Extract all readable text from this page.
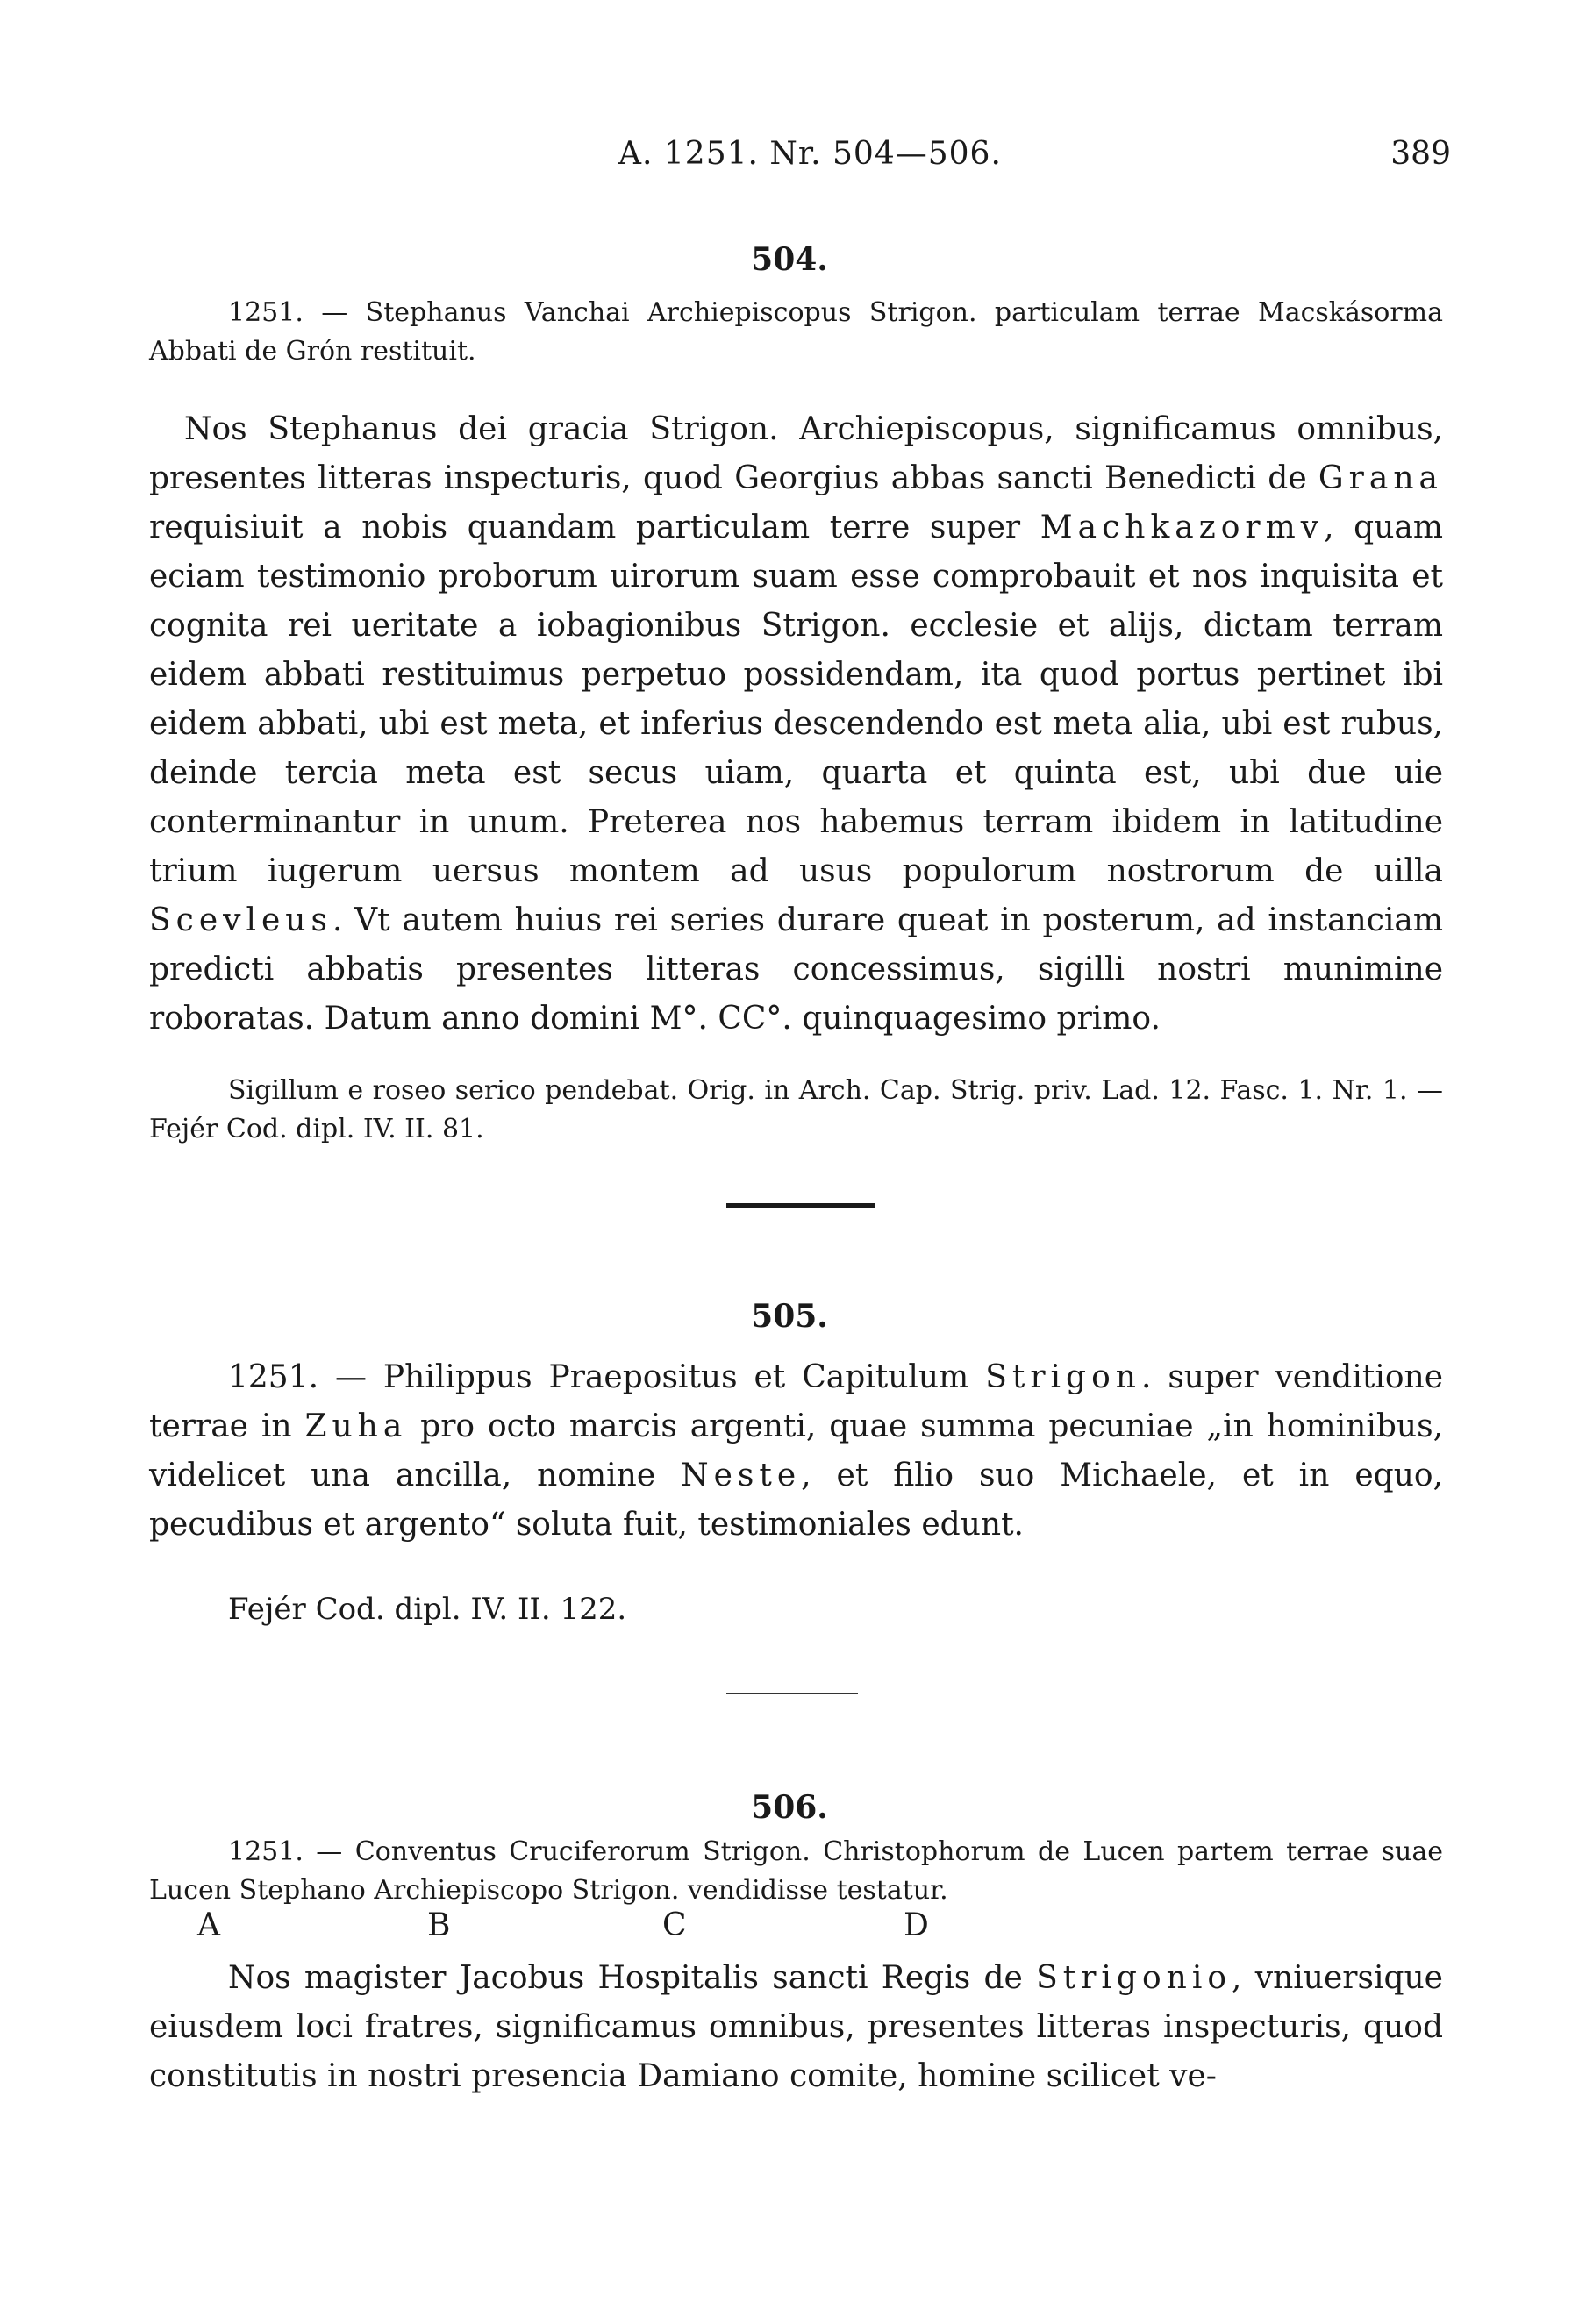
A. 1251. Nr. 504—506.	389
504.
1251. — Stephanus Vanchai Archiepiscopus Strigon. particulam terrae Macskásorma Abbati de Grón restituit.
Nos Stephanus dei gracia Strigon. Archiepiscopus, significamus omnibus, presentes litteras inspecturis, quod Georgius abbas sancti Benedicti de Grana requisiuit a nobis quandam particulam terre super Machkazormv, quam eciam testimonio proborum uirorum suam esse comprobauit et nos inquisita et cognita rei ueritate a iobagionibus Strigon. ecclesie et alijs, dictam terram eidem abbati restituimus perpetuo possidendam, ita quod portus pertinet ibi eidem abbati, ubi est meta, et inferius descendendo est meta alia, ubi est rubus, deinde tercia meta est secus uiam, quarta et quinta est, ubi due uie conterminantur in unum. Preterea nos habemus terram ibidem in latitudine trium iugerum uersus montem ad usus populorum nostrorum de uilla Scevleus. Vt autem huius rei series durare queat in posterum, ad instanciam predicti abbatis presentes litteras concessimus, sigilli nostri munimine roboratas. Datum anno domini M°. CC°. quinquagesimo primo.
Sigillum e roseo serico pendebat. Orig. in Arch. Cap. Strig. priv. Lad. 12. Fasc. 1. Nr. 1. — Fejér Cod. dipl. IV. II. 81.
505.
1251. — Philippus Praepositus et Capitulum Strigon. super venditione terrae in Zuha pro octo marcis argenti, quae summa pecuniae „in hominibus, videlicet una ancilla, nomine Neste, et filio suo Michaele, et in equo, pecudibus et argento“ soluta fuit, testimoniales edunt.
Fejér Cod. dipl. IV. II. 122.
506.
1251. — Conventus Cruciferorum Strigon. Christophorum de Lucen partem terrae suae Lucen Stephano Archiepiscopo Strigon. vendidisse testatur.
A	B	C	D
Nos magister Jacobus Hospitalis sancti Regis de Strigonio, vniuersique eiusdem loci fratres, significamus omnibus, presentes litteras inspecturis, quod constitutis in nostri presencia Damiano comite, homine scilicet ve-
